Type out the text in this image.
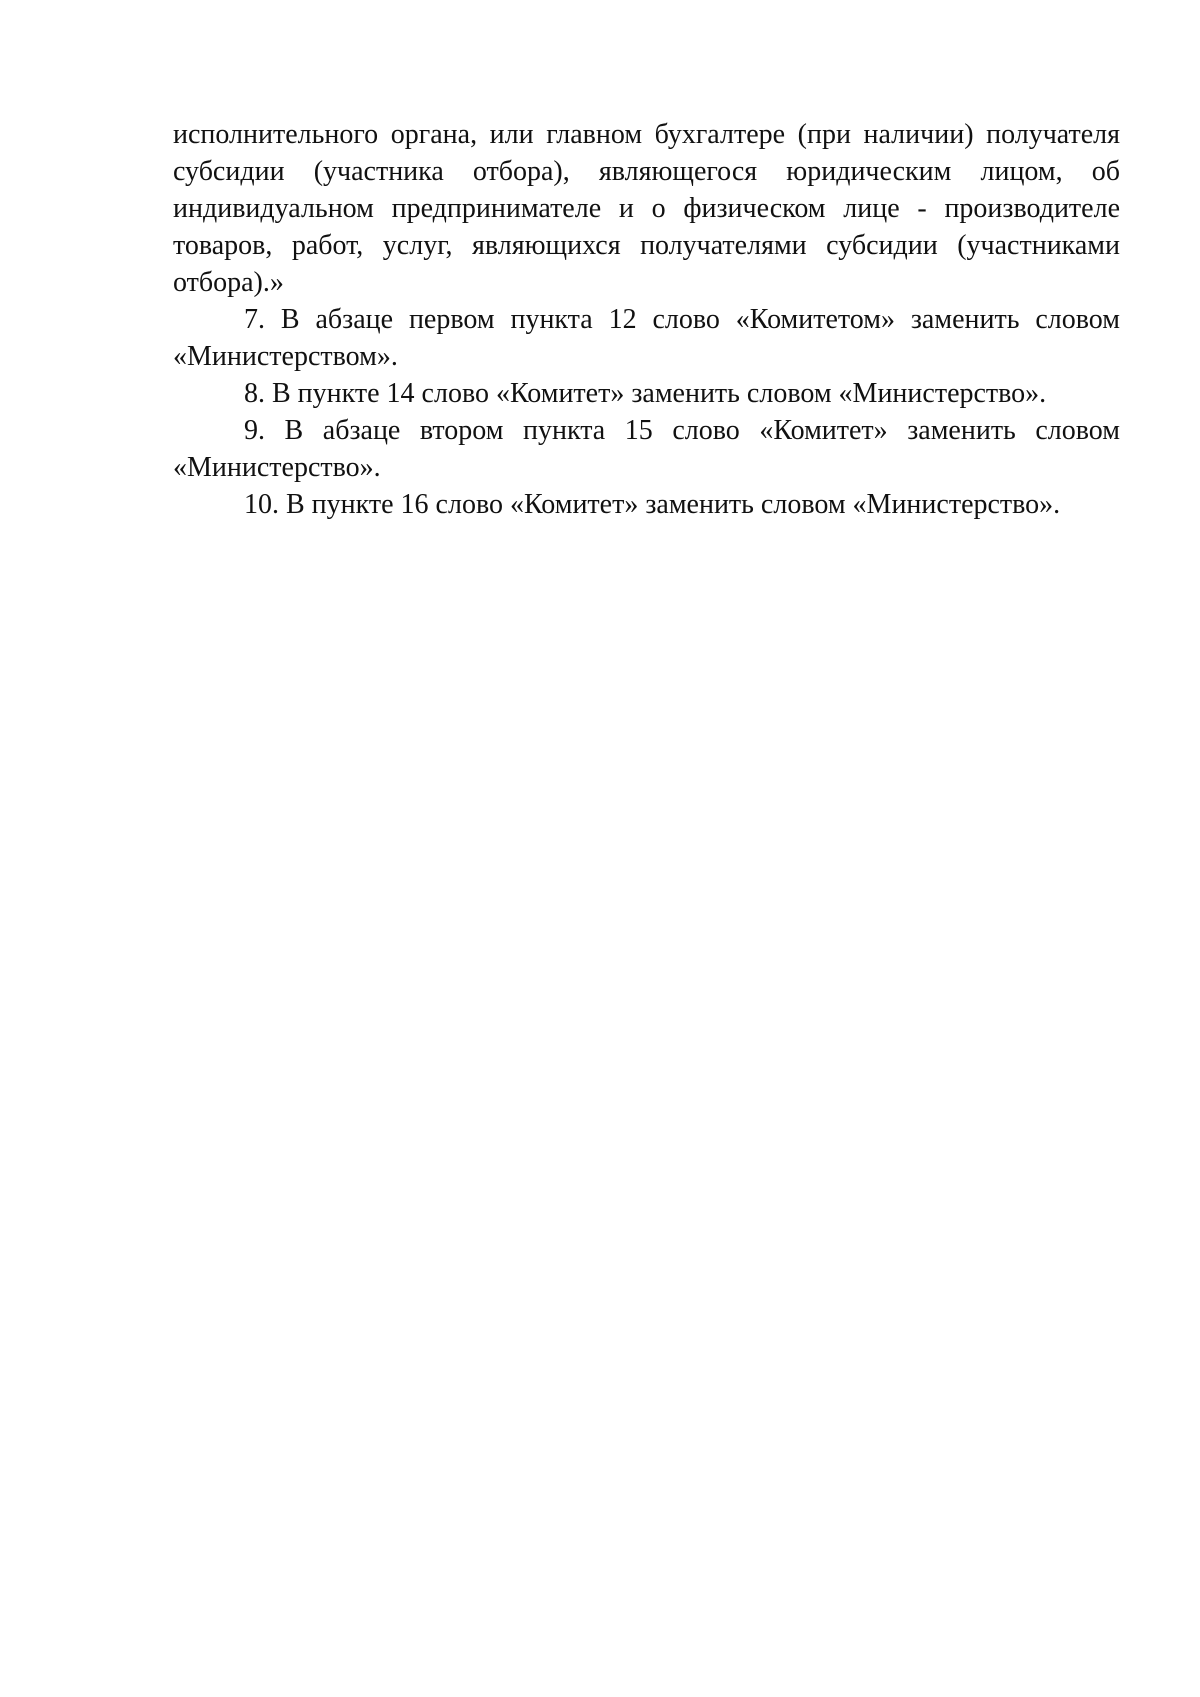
исполнительного органа, или главном бухгалтере (при наличии) получателя субсидии (участника отбора), являющегося юридическим лицом, об индивидуальном предпринимателе и о физическом лице - производителе товаров, работ, услуг, являющихся получателями субсидии (участниками отбора).»

7. В абзаце первом пункта 12 слово «Комитетом» заменить словом «Министерством».

8. В пункте 14 слово «Комитет» заменить словом «Министерство».

9. В абзаце втором пункта 15 слово «Комитет» заменить словом «Министерство».

10. В пункте 16 слово «Комитет» заменить словом «Министерство».
